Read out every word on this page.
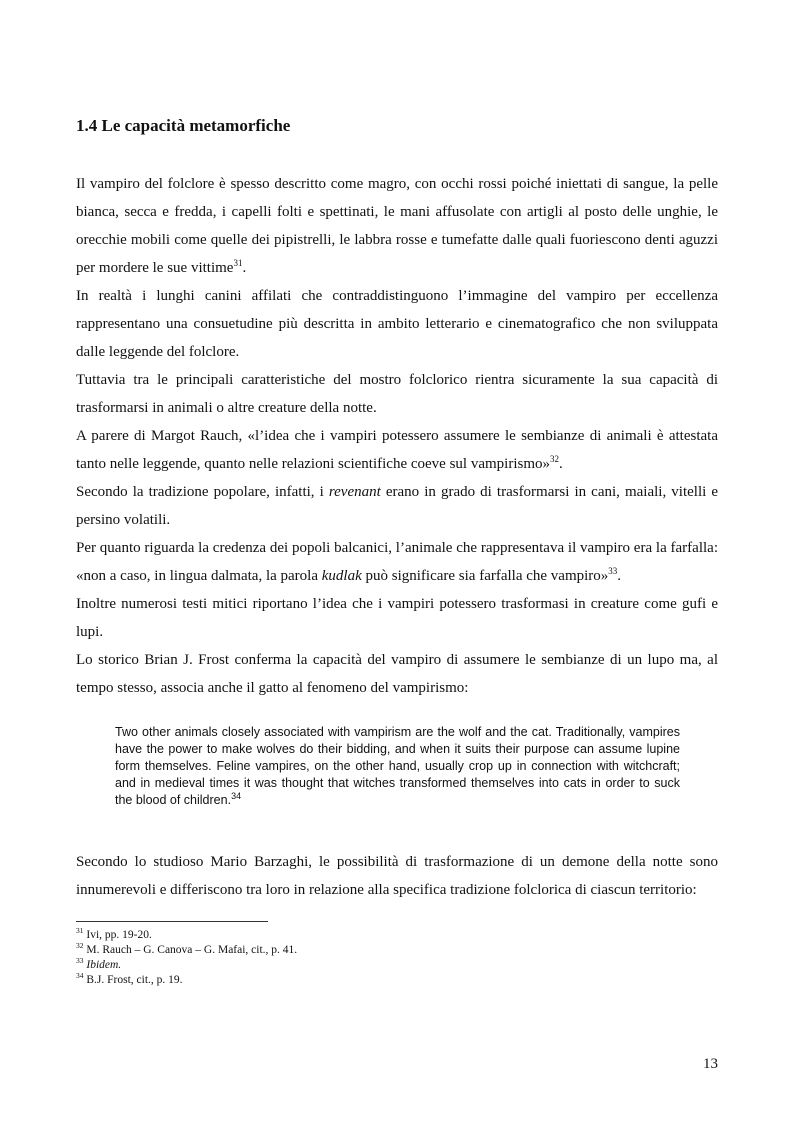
1.4 Le capacità metamorfiche

Il vampiro del folclore è spesso descritto come magro, con occhi rossi poiché iniettati di sangue, la pelle bianca, secca e fredda, i capelli folti e spettinati, le mani affusolate con artigli al posto delle unghie, le orecchie mobili come quelle dei pipistrelli, le labbra rosse e tumefatte dalle quali fuoriescono denti aguzzi per mordere le sue vittime$^{31}$.

In realtà i lunghi canini affilati che contraddistinguono l’immagine del vampiro per eccellenza rappresentano una consuetudine più descritta in ambito letterario e cinematografico che non sviluppata dalle leggende del folclore.

Tuttavia tra le principali caratteristiche del mostro folclorico rientra sicuramente la sua capacità di trasformarsi in animali o altre creature della notte.

A parere di Margot Rauch, «l’idea che i vampiri potessero assumere le sembianze di animali è attestata tanto nelle leggende, quanto nelle relazioni scientifiche coeve sul vampirismo»$^{32}$.

Secondo la tradizione popolare, infatti, i revenant erano in grado di trasformarsi in cani, maiali, vitelli e persino volatili.

Per quanto riguarda la credenza dei popoli balcanici, l’animale che rappresentava il vampiro era la farfalla: «non a caso, in lingua dalmata, la parola kudlak può significare sia farfalla che vampiro»$^{33}$.

Inoltre numerosi testi mitici riportano l’idea che i vampiri potessero trasformasi in creature come gufi e lupi.

Lo storico Brian J. Frost conferma la capacità del vampiro di assumere le sembianze di un lupo ma, al tempo stesso, associa anche il gatto al fenomeno del vampirismo:

Two other animals closely associated with vampirism are the wolf and the cat. Traditionally, vampires have the power to make wolves do their bidding, and when it suits their purpose can assume lupine form themselves. Feline vampires, on the other hand, usually crop up in connection with witchcraft; and in medieval times it was thought that witches transformed themselves into cats in order to suck the blood of children.$^{34}$

Secondo lo studioso Mario Barzaghi, le possibilità di trasformazione di un demone della notte sono innumerevoli e differiscono tra loro in relazione alla specifica tradizione folclorica di ciascun territorio:

$^{31}$ Ivi, pp. 19-20.
$^{32}$ M. Rauch – G. Canova – G. Mafai, cit., p. 41.
$^{33}$ Ibidem.
$^{34}$ B.J. Frost, cit., p. 19.
13
